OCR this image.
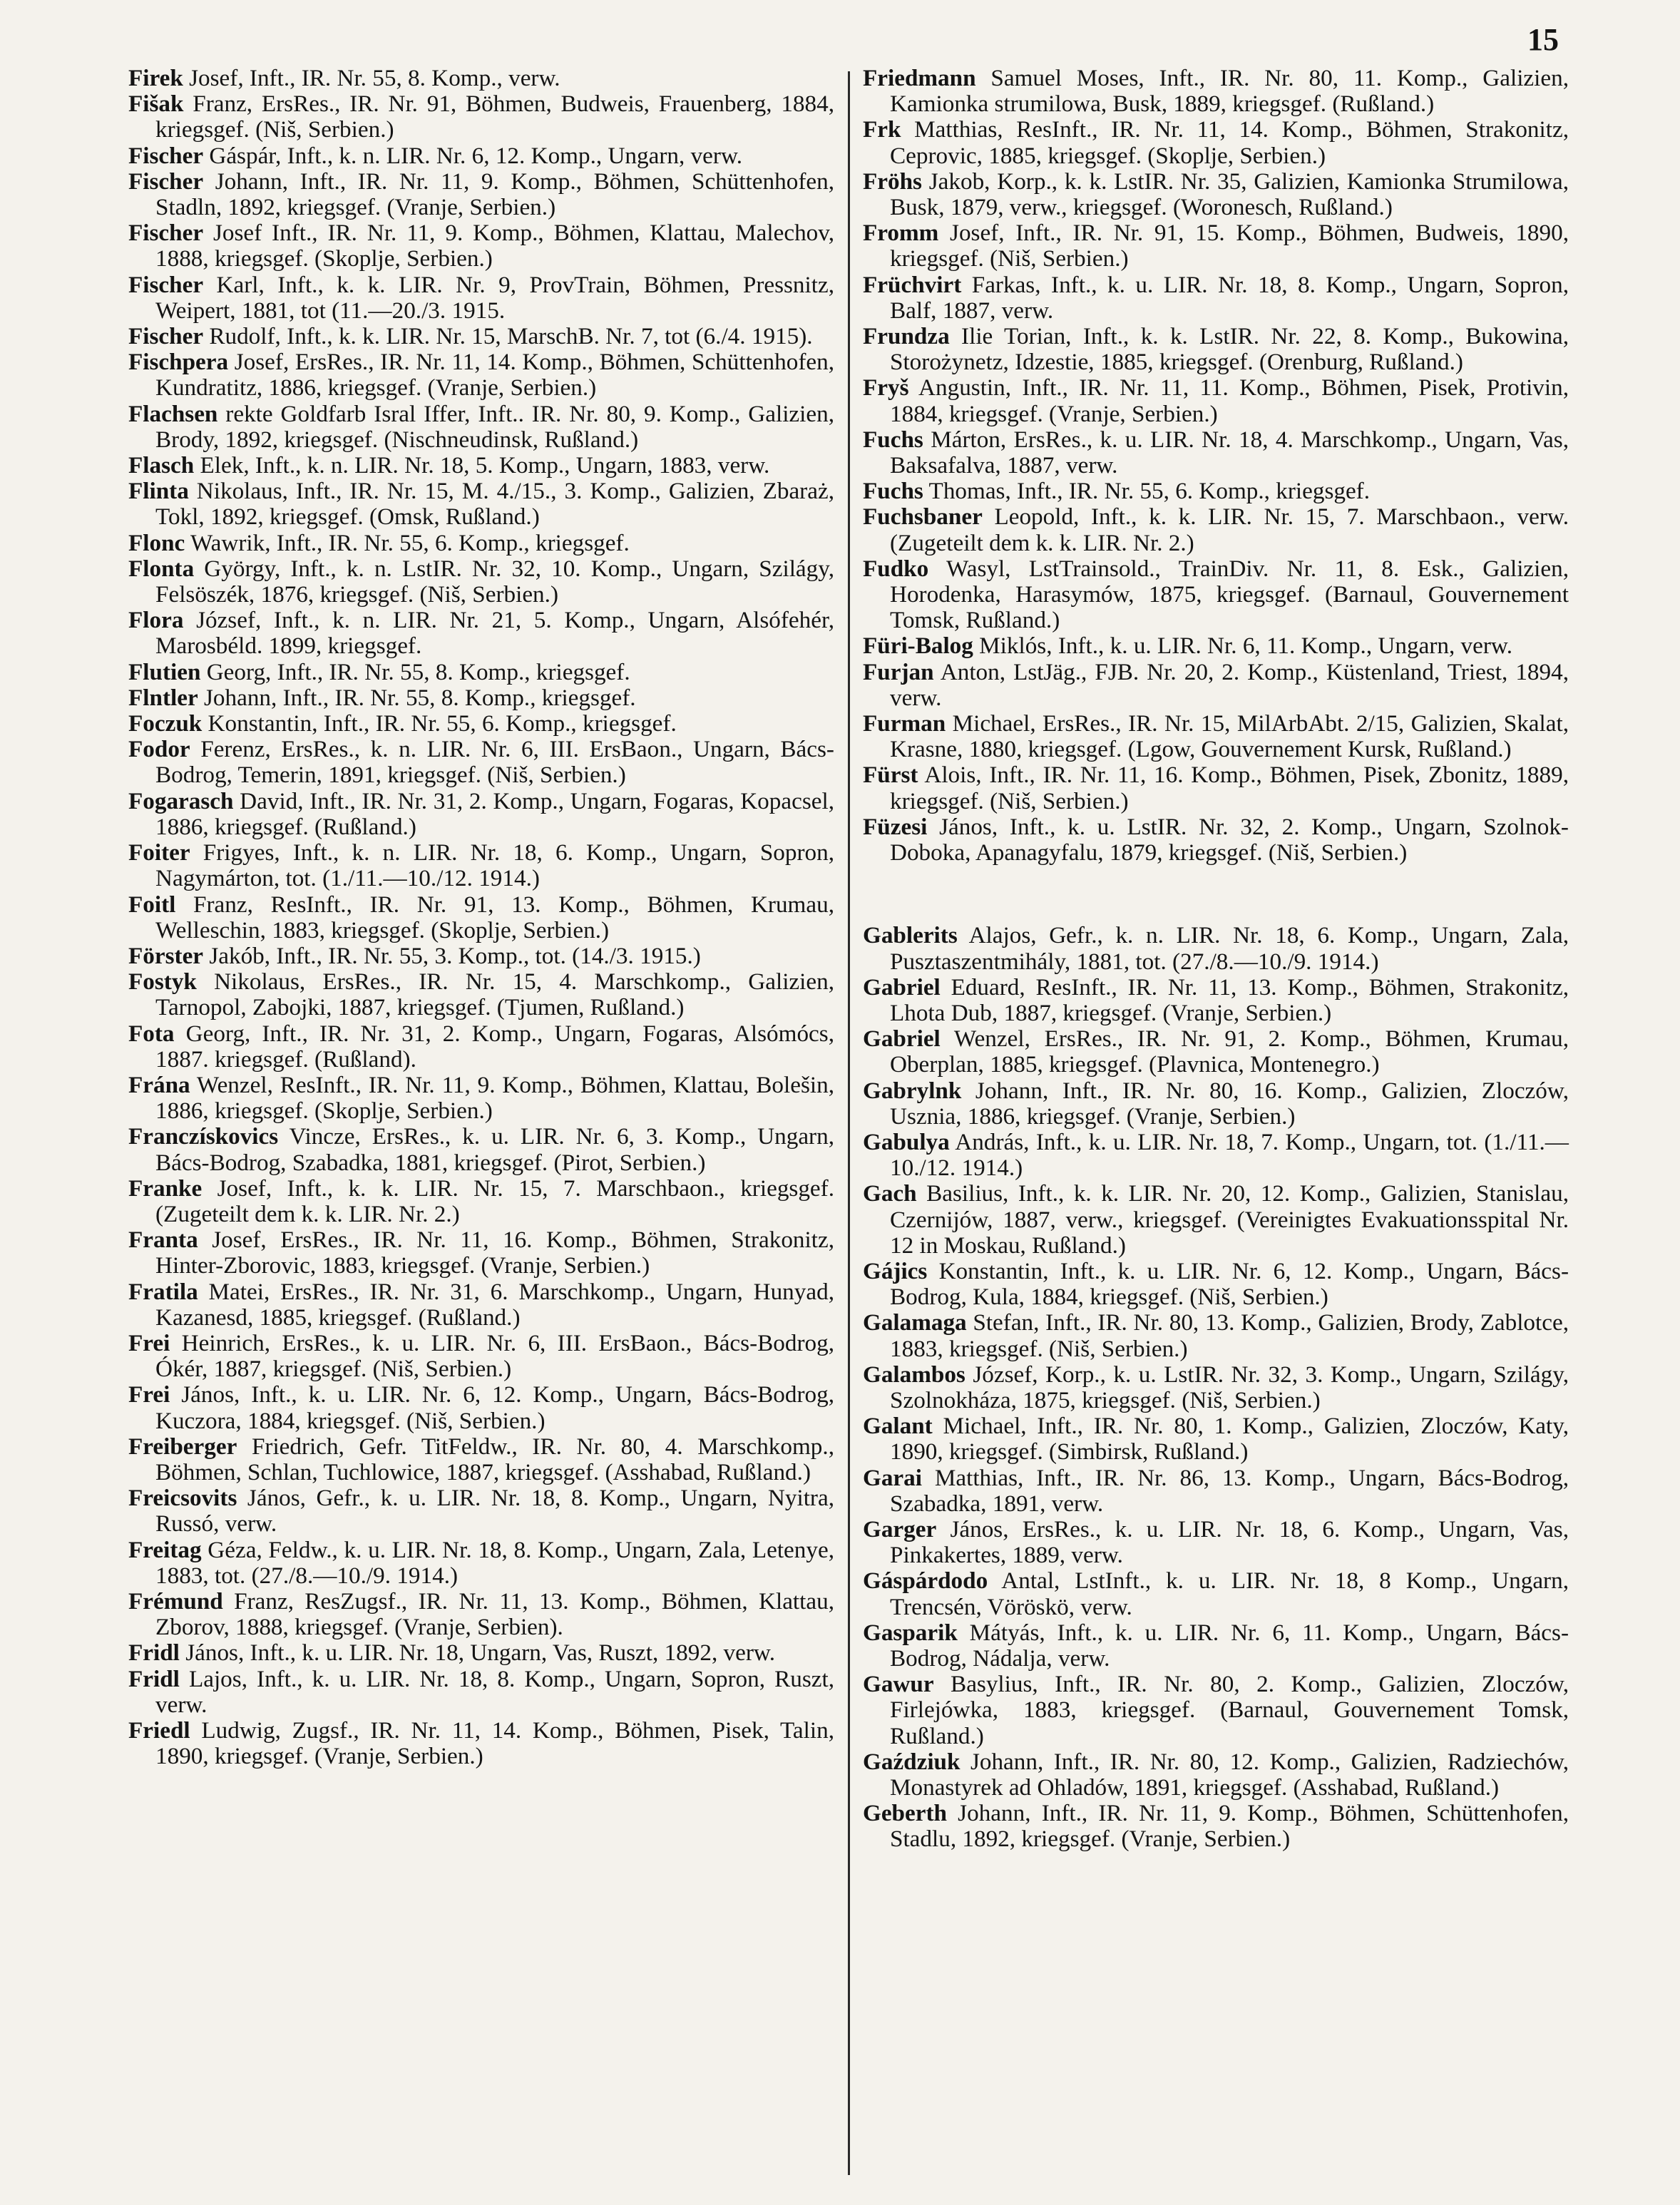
15

Firek Josef, Inft., IR. Nr. 55, 8. Komp., verw.

Fišak Franz, ErsRes., IR. Nr. 91, Böhmen, Budweis, Frauenberg, 1884, kriegsgef. (Niš, Serbien.)

Fischer Gáspár, Inft., k. n. LIR. Nr. 6, 12. Komp., Ungarn, verw.

Fischer Johann, Inft., IR. Nr. 11, 9. Komp., Böhmen, Schüttenhofen, Stadln, 1892, kriegsgef. (Vranje, Serbien.)

Fischer Josef Inft., IR. Nr. 11, 9. Komp., Böhmen, Klattau, Malechov, 1888, kriegsgef. (Skoplje, Serbien.)

Fischer Karl, Inft., k. k. LIR. Nr. 9, ProvTrain, Böhmen, Pressnitz, Weipert, 1881, tot (11.—20./3. 1915.

Fischer Rudolf, Inft., k. k. LIR. Nr. 15, MarschB. Nr. 7, tot (6./4. 1915).

Fischpera Josef, ErsRes., IR. Nr. 11, 14. Komp., Böhmen, Schüttenhofen, Kundratitz, 1886, kriegsgef. (Vranje, Serbien.)

Flachsen rekte Goldfarb Isral Iffer, Inft.. IR. Nr. 80, 9. Komp., Galizien, Brody, 1892, kriegsgef. (Nischneudinsk, Rußland.)

Flasch Elek, Inft., k. n. LIR. Nr. 18, 5. Komp., Ungarn, 1883, verw.

Flinta Nikolaus, Inft., IR. Nr. 15, M. 4./15., 3. Komp., Galizien, Zbaraż, Tokl, 1892, kriegsgef. (Omsk, Rußland.)

Flonc Wawrik, Inft., IR. Nr. 55, 6. Komp., kriegsgef.

Flonta György, Inft., k. n. LstIR. Nr. 32, 10. Komp., Ungarn, Szilágy, Felsöszék, 1876, kriegsgef. (Niš, Serbien.)

Flora József, Inft., k. n. LIR. Nr. 21, 5. Komp., Ungarn, Alsófehér, Marosbéld. 1899, kriegsgef.

Flutien Georg, Inft., IR. Nr. 55, 8. Komp., kriegsgef.

Flntler Johann, Inft., IR. Nr. 55, 8. Komp., kriegsgef.

Foczuk Konstantin, Inft., IR. Nr. 55, 6. Komp., kriegsgef.

Fodor Ferenz, ErsRes., k. n. LIR. Nr. 6, III. ErsBaon., Ungarn, Bács-Bodrog, Temerin, 1891, kriegsgef. (Niš, Serbien.)

Fogarasch David, Inft., IR. Nr. 31, 2. Komp., Ungarn, Fogaras, Kopacsel, 1886, kriegsgef. (Rußland.)

Foiter Frigyes, Inft., k. n. LIR. Nr. 18, 6. Komp., Ungarn, Sopron, Nagymárton, tot. (1./11.—10./12. 1914.)

Foitl Franz, ResInft., IR. Nr. 91, 13. Komp., Böhmen, Krumau, Welleschin, 1883, kriegsgef. (Skoplje, Serbien.)

Förster Jakób, Inft., IR. Nr. 55, 3. Komp., tot. (14./3. 1915.)

Fostyk Nikolaus, ErsRes., IR. Nr. 15, 4. Marschkomp., Galizien, Tarnopol, Zabojki, 1887, kriegsgef. (Tjumen, Rußland.)

Fota Georg, Inft., IR. Nr. 31, 2. Komp., Ungarn, Fogaras, Alsómócs, 1887. kriegsgef. (Rußland).

Frána Wenzel, ResInft., IR. Nr. 11, 9. Komp., Böhmen, Klattau, Bolešin, 1886, kriegsgef. (Skoplje, Serbien.)

Franczískovics Vincze, ErsRes., k. u. LIR. Nr. 6, 3. Komp., Ungarn, Bács-Bodrog, Szabadka, 1881, kriegsgef. (Pirot, Serbien.)

Franke Josef, Inft., k. k. LIR. Nr. 15, 7. Marschbaon., kriegsgef. (Zugeteilt dem k. k. LIR. Nr. 2.)

Franta Josef, ErsRes., IR. Nr. 11, 16. Komp., Böhmen, Strakonitz, Hinter-Zborovic, 1883, kriegsgef. (Vranje, Serbien.)

Fratila Matei, ErsRes., IR. Nr. 31, 6. Marschkomp., Ungarn, Hunyad, Kazanesd, 1885, kriegsgef. (Rußland.)

Frei Heinrich, ErsRes., k. u. LIR. Nr. 6, III. ErsBaon., Bács-Bodrog, Ókér, 1887, kriegsgef. (Niš, Serbien.)

Frei János, Inft., k. u. LIR. Nr. 6, 12. Komp., Ungarn, Bács-Bodrog, Kuczora, 1884, kriegsgef. (Niš, Serbien.)

Freiberger Friedrich, Gefr. TitFeldw., IR. Nr. 80, 4. Marschkomp., Böhmen, Schlan, Tuchlowice, 1887, kriegsgef. (Asshabad, Rußland.)

Freicsovits János, Gefr., k. u. LIR. Nr. 18, 8. Komp., Ungarn, Nyitra, Russó, verw.

Freitag Géza, Feldw., k. u. LIR. Nr. 18, 8. Komp., Ungarn, Zala, Letenye, 1883, tot. (27./8.—10./9. 1914.)

Frémund Franz, ResZugsf., IR. Nr. 11, 13. Komp., Böhmen, Klattau, Zborov, 1888, kriegsgef. (Vranje, Serbien).

Fridl János, Inft., k. u. LIR. Nr. 18, Ungarn, Vas, Ruszt, 1892, verw.

Fridl Lajos, Inft., k. u. LIR. Nr. 18, 8. Komp., Ungarn, Sopron, Ruszt, verw.

Friedl Ludwig, Zugsf., IR. Nr. 11, 14. Komp., Böhmen, Pisek, Talin, 1890, kriegsgef. (Vranje, Serbien.)

Friedmann Samuel Moses, Inft., IR. Nr. 80, 11. Komp., Galizien, Kamionka strumilowa, Busk, 1889, kriegsgef. (Rußland.)

Frk Matthias, ResInft., IR. Nr. 11, 14. Komp., Böhmen, Strakonitz, Ceprovic, 1885, kriegsgef. (Skoplje, Serbien.)

Fröhs Jakob, Korp., k. k. LstIR. Nr. 35, Galizien, Kamionka Strumilowa, Busk, 1879, verw., kriegsgef. (Woronesch, Rußland.)

Fromm Josef, Inft., IR. Nr. 91, 15. Komp., Böhmen, Budweis, 1890, kriegsgef. (Niš, Serbien.)

Früchvirt Farkas, Inft., k. u. LIR. Nr. 18, 8. Komp., Ungarn, Sopron, Balf, 1887, verw.

Frundza Ilie Torian, Inft., k. k. LstIR. Nr. 22, 8. Komp., Bukowina, Storożynetz, Idzestie, 1885, kriegsgef. (Orenburg, Rußland.)

Fryš Angustin, Inft., IR. Nr. 11, 11. Komp., Böhmen, Pisek, Protivin, 1884, kriegsgef. (Vranje, Serbien.)

Fuchs Márton, ErsRes., k. u. LIR. Nr. 18, 4. Marschkomp., Ungarn, Vas, Baksafalva, 1887, verw.

Fuchs Thomas, Inft., IR. Nr. 55, 6. Komp., kriegsgef.

Fuchsbaner Leopold, Inft., k. k. LIR. Nr. 15, 7. Marschbaon., verw. (Zugeteilt dem k. k. LIR. Nr. 2.)

Fudko Wasyl, LstTrainsold., TrainDiv. Nr. 11, 8. Esk., Galizien, Horodenka, Harasymów, 1875, kriegsgef. (Barnaul, Gouvernement Tomsk, Rußland.)

Füri-Balog Miklós, Inft., k. u. LIR. Nr. 6, 11. Komp., Ungarn, verw.

Furjan Anton, LstJäg., FJB. Nr. 20, 2. Komp., Küstenland, Triest, 1894, verw.

Furman Michael, ErsRes., IR. Nr. 15, MilArbAbt. 2/15, Galizien, Skalat, Krasne, 1880, kriegsgef. (Lgow, Gouvernement Kursk, Rußland.)

Fürst Alois, Inft., IR. Nr. 11, 16. Komp., Böhmen, Pisek, Zbonitz, 1889, kriegsgef. (Niš, Serbien.)

Füzesi János, Inft., k. u. LstIR. Nr. 32, 2. Komp., Ungarn, Szolnok-Doboka, Apanagyfalu, 1879, kriegsgef. (Niš, Serbien.)

Gablerits Alajos, Gefr., k. n. LIR. Nr. 18, 6. Komp., Ungarn, Zala, Pusztaszentmihály, 1881, tot. (27./8.—10./9. 1914.)

Gabriel Eduard, ResInft., IR. Nr. 11, 13. Komp., Böhmen, Strakonitz, Lhota Dub, 1887, kriegsgef. (Vranje, Serbien.)

Gabriel Wenzel, ErsRes., IR. Nr. 91, 2. Komp., Böhmen, Krumau, Oberplan, 1885, kriegsgef. (Plavnica, Montenegro.)

Gabrylnk Johann, Inft., IR. Nr. 80, 16. Komp., Galizien, Zloczów, Usznia, 1886, kriegsgef. (Vranje, Serbien.)

Gabulya András, Inft., k. u. LIR. Nr. 18, 7. Komp., Ungarn, tot. (1./11.—10./12. 1914.)

Gach Basilius, Inft., k. k. LIR. Nr. 20, 12. Komp., Galizien, Stanislau, Czernijów, 1887, verw., kriegsgef. (Vereinigtes Evakuationsspital Nr. 12 in Moskau, Rußland.)

Gájics Konstantin, Inft., k. u. LIR. Nr. 6, 12. Komp., Ungarn, Bács-Bodrog, Kula, 1884, kriegsgef. (Niš, Serbien.)

Galamaga Stefan, Inft., IR. Nr. 80, 13. Komp., Galizien, Brody, Zablotce, 1883, kriegsgef. (Niš, Serbien.)

Galambos József, Korp., k. u. LstIR. Nr. 32, 3. Komp., Ungarn, Szilágy, Szolnokháza, 1875, kriegsgef. (Niš, Serbien.)

Galant Michael, Inft., IR. Nr. 80, 1. Komp., Galizien, Zloczów, Katy, 1890, kriegsgef. (Simbirsk, Rußland.)

Garai Matthias, Inft., IR. Nr. 86, 13. Komp., Ungarn, Bács-Bodrog, Szabadka, 1891, verw.

Garger János, ErsRes., k. u. LIR. Nr. 18, 6. Komp., Ungarn, Vas, Pinkakertes, 1889, verw.

Gáspárdodo Antal, LstInft., k. u. LIR. Nr. 18, 8 Komp., Ungarn, Trencsén, Vöröskö, verw.

Gasparik Mátyás, Inft., k. u. LIR. Nr. 6, 11. Komp., Ungarn, Bács-Bodrog, Nádalja, verw.

Gawur Basylius, Inft., IR. Nr. 80, 2. Komp., Galizien, Zloczów, Firlejówka, 1883, kriegsgef. (Barnaul, Gouvernement Tomsk, Rußland.)

Gaździuk Johann, Inft., IR. Nr. 80, 12. Komp., Galizien, Radziechów, Monastyrek ad Ohladów, 1891, kriegsgef. (Asshabad, Rußland.)

Geberth Johann, Inft., IR. Nr. 11, 9. Komp., Böhmen, Schüttenhofen, Stadlu, 1892, kriegsgef. (Vranje, Serbien.)
